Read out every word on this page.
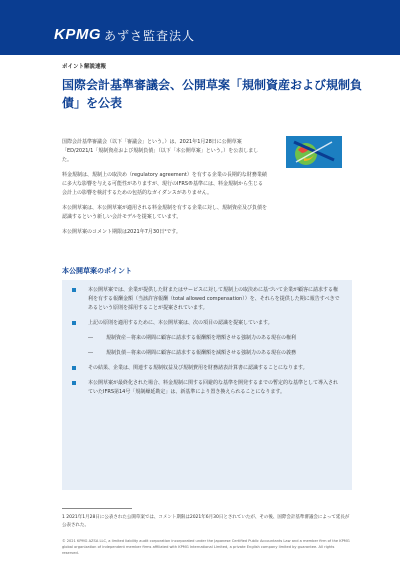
KPMG あずさ監査法人
ポイント解説速報
国際会計基準審議会、公開草案「規制資産および規制負債」を公表

国際会計基準審議会（以下「審議会」という。）は、2021年1月28日に公開草案「ED/2021/1「規制資産および規制負債」（以下「本公開草案」という。）を公表しました。

料金規制は、規制上の取決め（regulatory agreement）を有する企業の長期的な財務業績に多大な影響を与える可能性がありますが、現行のIFRS®基準には、料金規制から生じる会計上の影響を検討するための包括的なガイダンスがありません。

本公開草案は、本公開草案が適用される料金規制を有する企業に対し、規制資産及び負債を認識するという新しい会計モデルを提案しています。

本公開草案のコメント期限は2021年7月30日¹です。

本公開草案のポイント
本公開草案では、企業が提供した財またはサービスに対して規制上の取決めに基づいて企業が顧客に請求する権利を有する報酬金額（当該許容報酬（total allowed compensation））を、それらを提供した期に報告すべきであるという原則を採用することが提案されています。
上記の原則を適用するために、本公開草案は、次の項目の認識を提案しています。
―	規制資産－将来の期間に顧客に請求する報酬額を増額させる強制力のある現在の権利
―	規制負債－将来の期間に顧客に請求する報酬額を減額させる強制力のある現在の義務
その結果、企業は、関連する規制収益及び規制費用を財務諸表計算書に認識することになります。
本公開草案が最終化された場合、料金規制に関する回避的な基準を開発するまでの暫定的な基準として導入されていたIFRS第14号「規制繰延勘定」は、新基準により置き換えられることになります。
1 2021年1月28日に公表された公開草案では、コメント期限は2021年6月30日とされていたが、その後、国際会計基準審議会によって延長が公表された。
© 2021 KPMG AZSA LLC, a limited liability audit corporation incorporated under the Japanese Certified Public Accountants Law and a member firm of the KPMG global organization of independent member firms affiliated with KPMG International Limited, a private English company limited by guarantee. All rights reserved.
